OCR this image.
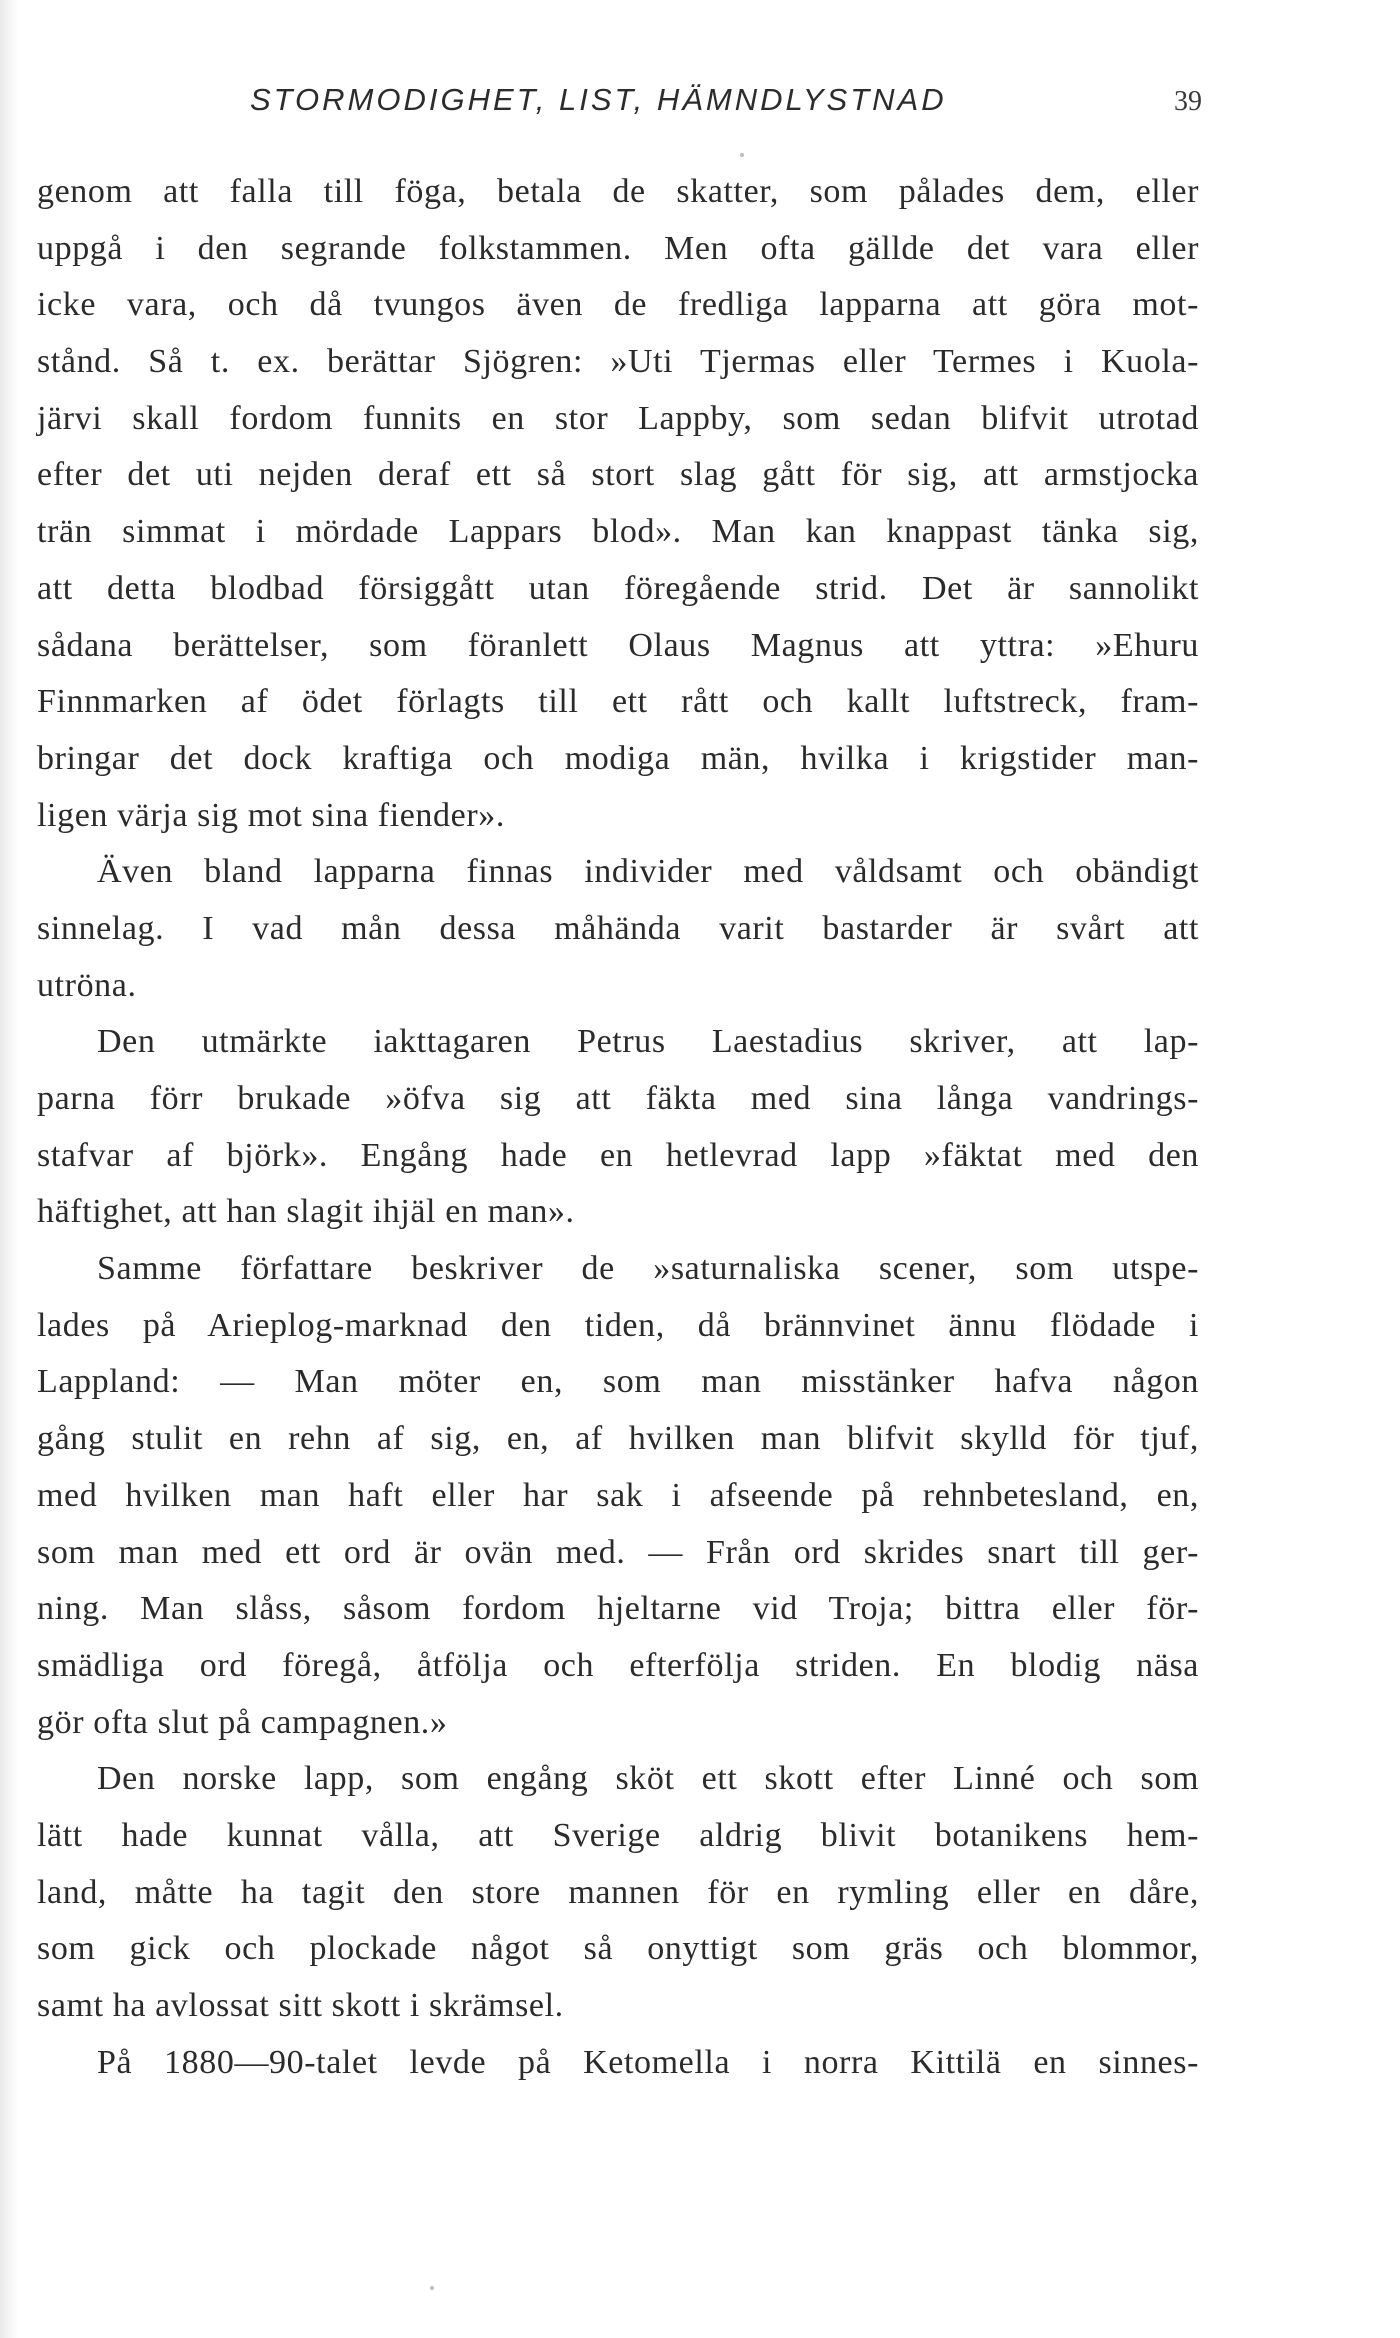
STORMODIGHET, LIST, HÄMNDLYSTNAD	39
genom att falla till föga, betala de skatter, som pålades dem, eller
uppgå i den segrande folkstammen. Men ofta gällde det vara eller
icke vara, och då tvungos även de fredliga lapparna att göra mot-
stånd. Så t. ex. berättar Sjögren: »Uti Tjermas eller Termes i Kuola-
järvi skall fordom funnits en stor Lappby, som sedan blifvit utrotad
efter det uti nejden deraf ett så stort slag gått för sig, att armstjocka
trän simmat i mördade Lappars blod». Man kan knappast tänka sig,
att detta blodbad försiggått utan föregående strid. Det är sannolikt
sådana berättelser, som föranlett Olaus Magnus att yttra: »Ehuru
Finnmarken af ödet förlagts till ett rått och kallt luftstreck, fram-
bringar det dock kraftiga och modiga män, hvilka i krigstider man-
ligen värja sig mot sina fiender».
Även bland lapparna finnas individer med våldsamt och obändigt
sinnelag. I vad mån dessa måhända varit bastarder är svårt att
utröna.
Den utmärkte iakttagaren Petrus Laestadius skriver, att lap-
parna förr brukade »öfva sig att fäkta med sina långa vandrings-
stafvar af björk». Engång hade en hetlevrad lapp »fäktat med den
häftighet, att han slagit ihjäl en man».
Samme författare beskriver de »saturnaliska scener, som utspe-
lades på Arieplog-marknad den tiden, då brännvinet ännu flödade i
Lappland: — Man möter en, som man misstänker hafva någon
gång stulit en rehn af sig, en, af hvilken man blifvit skylld för tjuf,
med hvilken man haft eller har sak i afseende på rehnbetesland, en,
som man med ett ord är ovän med. — Från ord skrides snart till ger-
ning. Man slåss, såsom fordom hjeltarne vid Troja; bittra eller för-
smädliga ord föregå, åtfölja och efterfölja striden. En blodig näsa
gör ofta slut på campagnen.»
Den norske lapp, som engång sköt ett skott efter Linné och som
lätt hade kunnat vålla, att Sverige aldrig blivit botanikens hem-
land, måtte ha tagit den store mannen för en rymling eller en dåre,
som gick och plockade något så onyttigt som gräs och blommor,
samt ha avlossat sitt skott i skrämsel.
På 1880—90-talet levde på Ketomella i norra Kittilä en sinnes-
